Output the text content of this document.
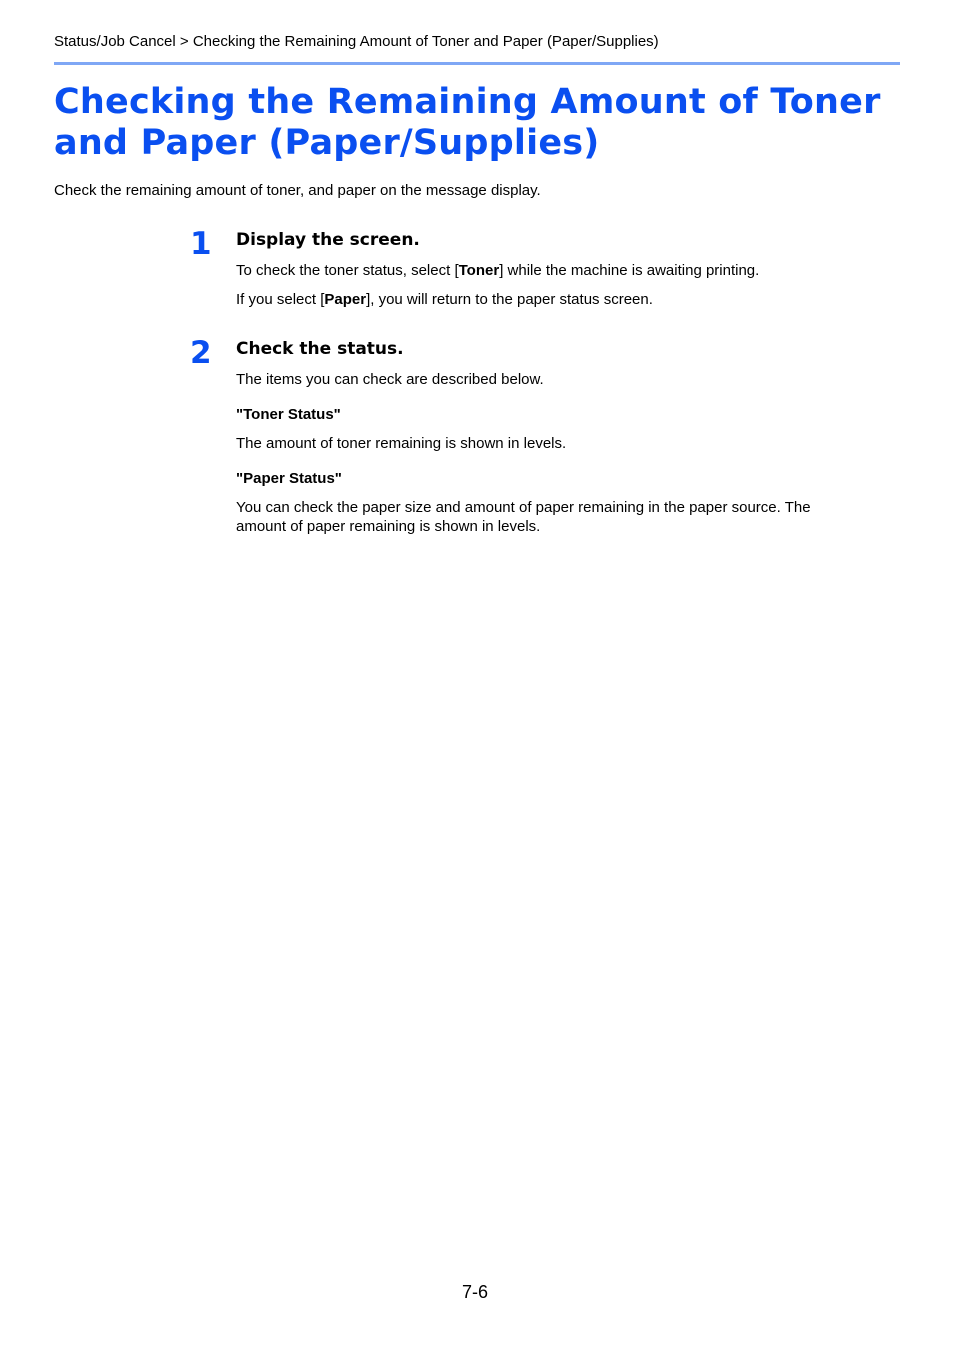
Status/Job Cancel > Checking the Remaining Amount of Toner and Paper (Paper/Supplies)
Checking the Remaining Amount of Toner and Paper (Paper/Supplies)
Check the remaining amount of toner, and paper on the message display.
1 Display the screen.
To check the toner status, select [Toner] while the machine is awaiting printing.
If you select [Paper], you will return to the paper status screen.
2 Check the status.
The items you can check are described below.
"Toner Status"
The amount of toner remaining is shown in levels.
"Paper Status"
You can check the paper size and amount of paper remaining in the paper source. The amount of paper remaining is shown in levels.
7-6
